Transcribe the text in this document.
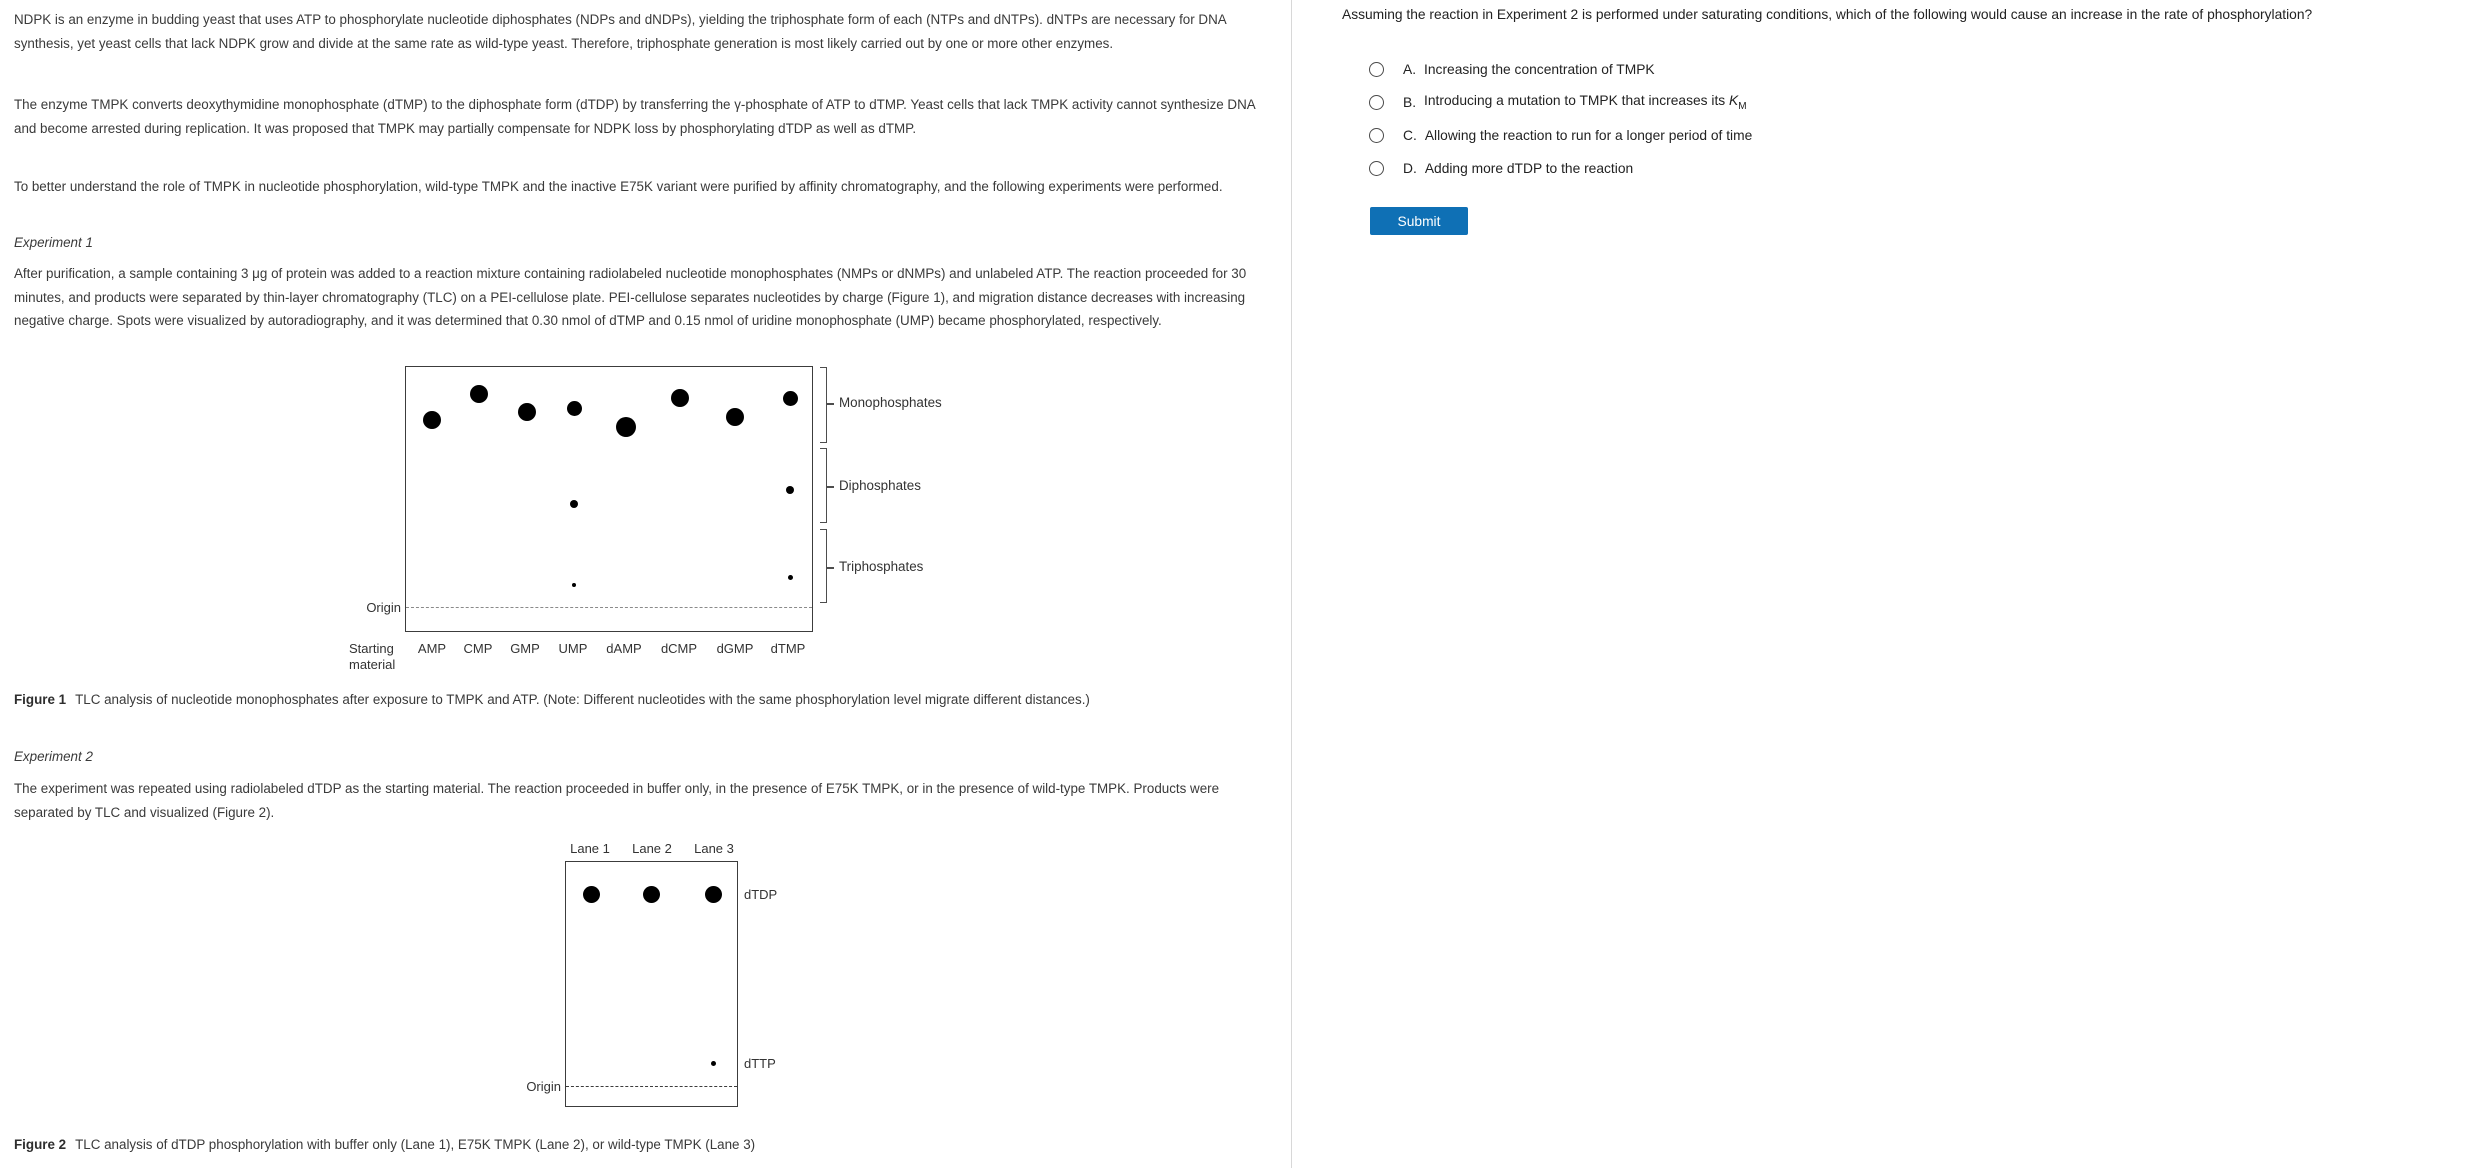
NDPK is an enzyme in budding yeast that uses ATP to phosphorylate nucleotide diphosphates (NDPs and dNDPs), yielding the triphosphate form of each (NTPs and dNTPs). dNTPs are necessary for DNA synthesis, yet yeast cells that lack NDPK grow and divide at the same rate as wild-type yeast. Therefore, triphosphate generation is most likely carried out by one or more other enzymes.

The enzyme TMPK converts deoxythymidine monophosphate (dTMP) to the diphosphate form (dTDP) by transferring the γ-phosphate of ATP to dTMP. Yeast cells that lack TMPK activity cannot synthesize DNA and become arrested during replication. It was proposed that TMPK may partially compensate for NDPK loss by phosphorylating dTDP as well as dTMP.

To better understand the role of TMPK in nucleotide phosphorylation, wild-type TMPK and the inactive E75K variant were purified by affinity chromatography, and the following experiments were performed.

Experiment 1

After purification, a sample containing 3 μg of protein was added to a reaction mixture containing radiolabeled nucleotide monophosphates (NMPs or dNMPs) and unlabeled ATP. The reaction proceeded for 30 minutes, and products were separated by thin-layer chromatography (TLC) on a PEI-cellulose plate. PEI-cellulose separates nucleotides by charge (Figure 1), and migration distance decreases with increasing negative charge. Spots were visualized by autoradiography, and it was determined that 0.30 nmol of dTMP and 0.15 nmol of uridine monophosphate (UMP) became phosphorylated, respectively.

Origin
Monophosphates
Diphosphates
Triphosphates
Starting material
AMP	CMP	GMP	UMP	dAMP	dCMP	dGMP	dTMP

Figure 1 TLC analysis of nucleotide monophosphates after exposure to TMPK and ATP. (Note: Different nucleotides with the same phosphorylation level migrate different distances.)

Experiment 2

The experiment was repeated using radiolabeled dTDP as the starting material. The reaction proceeded in buffer only, in the presence of E75K TMPK, or in the presence of wild-type TMPK. Products were separated by TLC and visualized (Figure 2).

Lane 1	Lane 2	Lane 3
Origin
dTDP
dTTP

Figure 2 TLC analysis of dTDP phosphorylation with buffer only (Lane 1), E75K TMPK (Lane 2), or wild-type TMPK (Lane 3)

Assuming the reaction in Experiment 2 is performed under saturating conditions, which of the following would cause an increase in the rate of phosphorylation?
A. Increasing the concentration of TMPK
B. Introducing a mutation to TMPK that increases its $K_M$
C. Allowing the reaction to run for a longer period of time
D. Adding more dTDP to the reaction
Submit
